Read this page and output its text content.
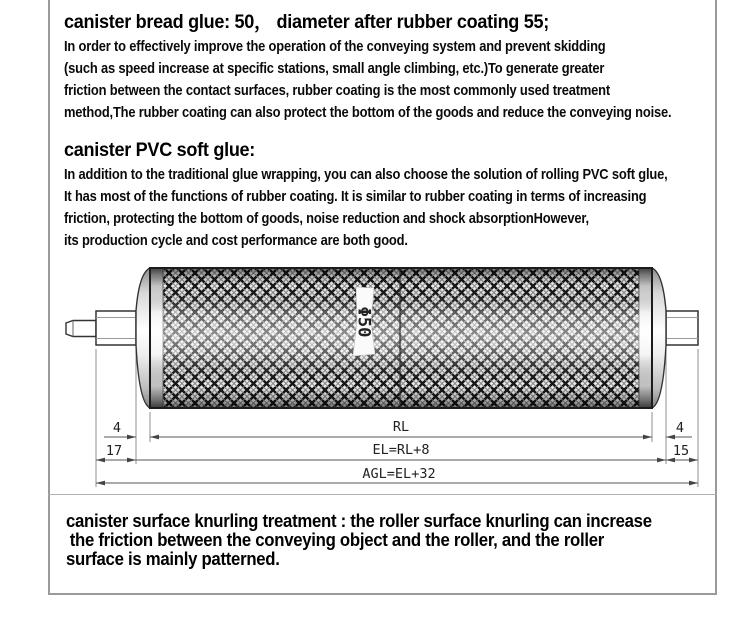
canister bread glue: 50， diameter after rubber coating 55;
In order to effectively improve the operation of the conveying system and prevent skidding
(such as speed increase at specific stations, small angle climbing, etc.)To generate greater
friction between the contact surfaces, rubber coating is the most commonly used treatment
method,The rubber coating can also protect the bottom of the goods and reduce the conveying noise.
canister PVC soft glue:
In addition to the traditional glue wrapping, you can also choose the solution of rolling PVC soft glue,
It has most of the functions of rubber coating. It is similar to rubber coating in terms of increasing
friction, protecting the bottom of goods, noise reduction and shock absorptionHowever,
its production cycle and cost performance are both good.
Φ50
4	RL	4
17	EL=RL+8	15
AGL=EL+32
canister surface knurling treatment : the roller surface knurling can increase
the friction between the conveying object and the roller, and the roller
surface is mainly patterned.
